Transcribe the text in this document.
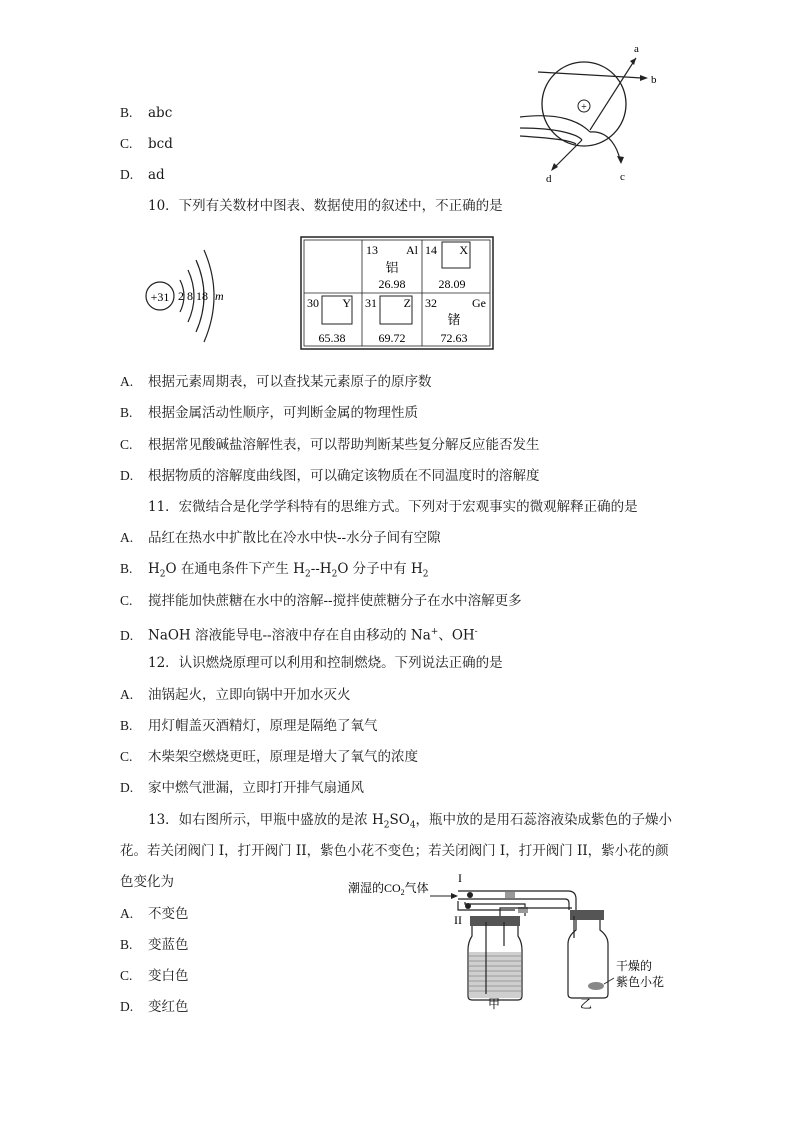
+
a
b
c
d
B. abc
C. bcd
D. ad
10．下列有关数材中图表、数据使用的叙述中，不正确的是
+31 2 8 18 m
13 Al
铝
26.98
14 X
28.09
30 Y
65.38
31 Z
69.72
32	Ge
锗
72.63
A. 根据元素周期表，可以查找某元素原子的原序数
B. 根据金属活动性顺序，可判断金属的物理性质
C. 根据常见酸碱盐溶解性表，可以帮助判断某些复分解反应能否发生
D. 根据物质的溶解度曲线图，可以确定该物质在不同温度时的溶解度
11．宏微结合是化学学科特有的思维方式。下列对于宏观事实的微观解释正确的是
A. 品红在热水中扩散比在冷水中快--水分子间有空隙
B. $H_2O$ 在通电条件下产生 $H_2--H_2O$ 分子中有 $H_2$
C. 搅拌能加快蔗糖在水中的溶解--搅拌使蔗糖分子在水中溶解更多
D. NaOH 溶液能导电--溶液中存在自由移动的 Na+、OH-
12．认识燃烧原理可以利用和控制燃烧。下列说法正确的是
A. 油锅起火，立即向锅中开加水灭火
B. 用灯帽盖灭酒精灯，原理是隔绝了氧气
C. 木柴架空燃烧更旺，原理是增大了氧气的浓度
D. 家中燃气泄漏，立即打开排气扇通风
13．如右图所示，甲瓶中盛放的是浓 $H_2SO_4$，瓶中放的是用石蕊溶液染成紫色的子燥小
花。若关闭阀门 I，打开阀门 II，紫色小花不变色；若关闭阀门 I，打开阀门 II，紫小花的颜
色变化为
A. 不变色
B. 变蓝色
C. 变白色
D. 变红色
潮湿的$CO_2$气体
I
II
甲	乙
干燥的
紫色小花
